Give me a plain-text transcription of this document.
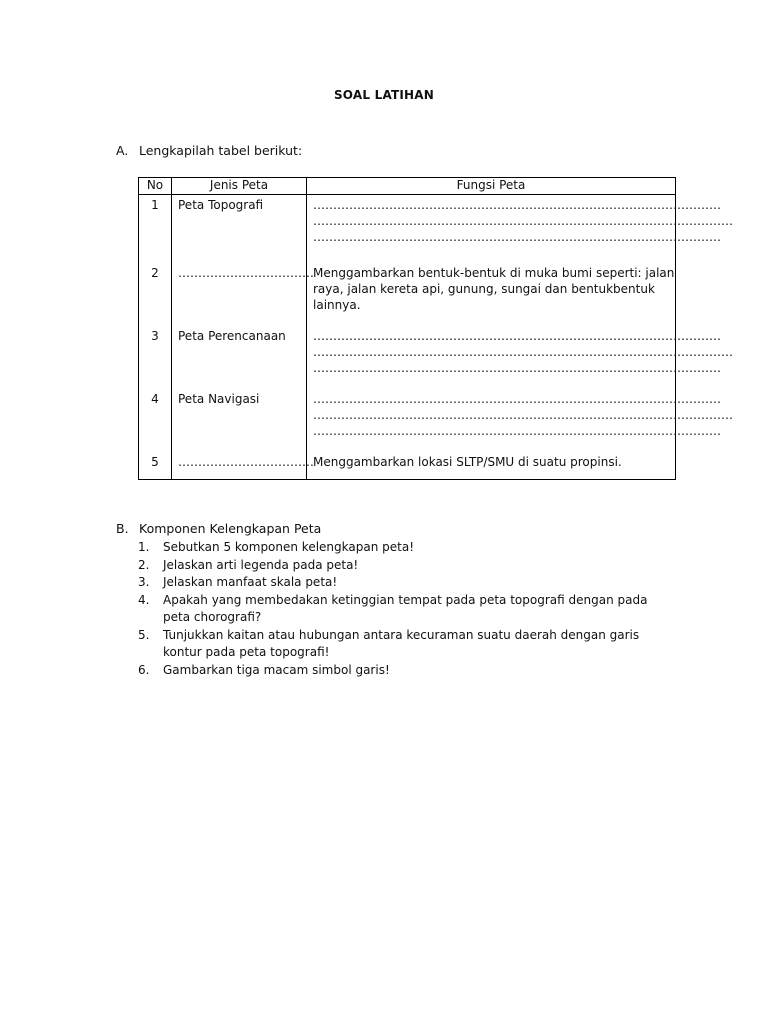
SOAL LATIHAN
A. Lengkapilah tabel berikut:
No	Jenis Peta	Fungsi Peta
1	Peta Topografi	…………………………………………………………………………………………
……………………………………………………………………………………………
…………………………………………………………………………………………

2	…………………………….	Menggambarkan bentuk-bentuk di muka bumi seperti: jalan
raya, jalan kereta api, gunung, sungai dan bentukbentuk
lainnya.

3	Peta Perencanaan	…………………………………………………………………………………………
……………………………………………………………………………………………
…………………………………………………………………………………………

4	Peta Navigasi	…………………………………………………………………………………………
……………………………………………………………………………………………
…………………………………………………………………………………………

5	…………………………….	Menggambarkan lokasi SLTP/SMU di suatu propinsi.
B. Komponen Kelengkapan Peta
1. Sebutkan 5 komponen kelengkapan peta!
2. Jelaskan arti legenda pada peta!
3. Jelaskan manfaat skala peta!
4. Apakah yang membedakan ketinggian tempat pada peta topografi dengan pada peta chorografi?
5. Tunjukkan kaitan atau hubungan antara kecuraman suatu daerah dengan garis kontur pada peta topografi!
6. Gambarkan tiga macam simbol garis!
